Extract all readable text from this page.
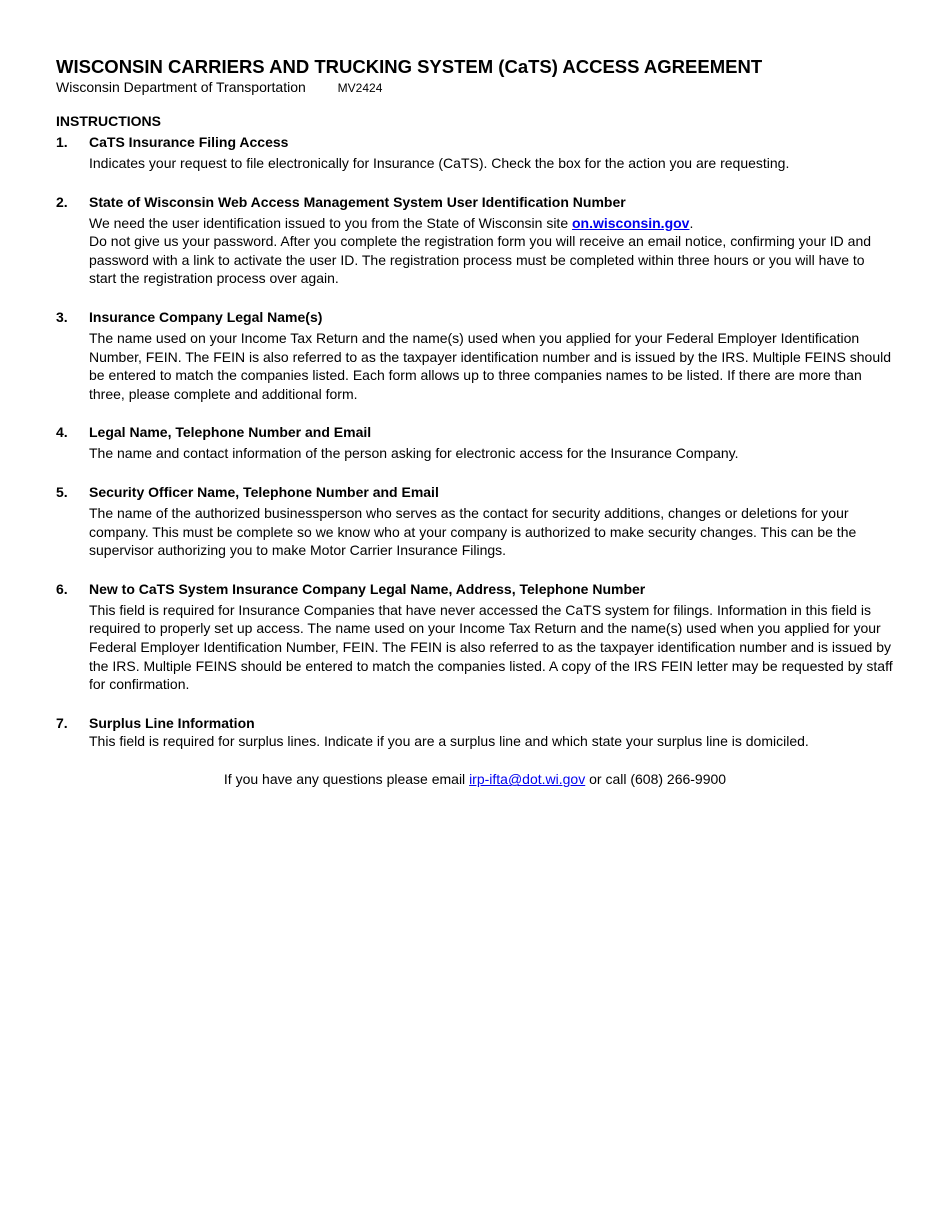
WISCONSIN CARRIERS AND TRUCKING SYSTEM (CaTS) ACCESS AGREEMENT
Wisconsin Department of Transportation	MV2424
INSTRUCTIONS
1.	CaTS Insurance Filing Access

Indicates your request to file electronically for Insurance (CaTS). Check the box for the action you are requesting.

2.	State of Wisconsin Web Access Management System User Identification Number

We need the user identification issued to you from the State of Wisconsin site on.wisconsin.gov.

Do not give us your password. After you complete the registration form you will receive an email notice, confirming your ID and password with a link to activate the user ID. The registration process must be completed within three hours or you will have to start the registration process over again.

3.	Insurance Company Legal Name(s)

The name used on your Income Tax Return and the name(s) used when you applied for your Federal Employer Identification Number, FEIN. The FEIN is also referred to as the taxpayer identification number and is issued by the IRS. Multiple FEINS should be entered to match the companies listed. Each form allows up to three companies names to be listed. If there are more than three, please complete and additional form.

4.	Legal Name, Telephone Number and Email

The name and contact information of the person asking for electronic access for the Insurance Company.

5.	Security Officer Name, Telephone Number and Email

The name of the authorized businessperson who serves as the contact for security additions, changes or deletions for your company. This must be complete so we know who at your company is authorized to make security changes. This can be the supervisor authorizing you to make Motor Carrier Insurance Filings.

6.	New to CaTS System Insurance Company Legal Name, Address, Telephone Number

This field is required for Insurance Companies that have never accessed the CaTS system for filings. Information in this field is required to properly set up access. The name used on your Income Tax Return and the name(s) used when you applied for your Federal Employer Identification Number, FEIN. The FEIN is also referred to as the taxpayer identification number and is issued by the IRS. Multiple FEINS should be entered to match the companies listed. A copy of the IRS FEIN letter may be requested by staff for confirmation.

7.	Surplus Line Information

This field is required for surplus lines. Indicate if you are a surplus line and which state your surplus line is domiciled.

If you have any questions please email irp-ifta@dot.wi.gov or call (608) 266-9900
